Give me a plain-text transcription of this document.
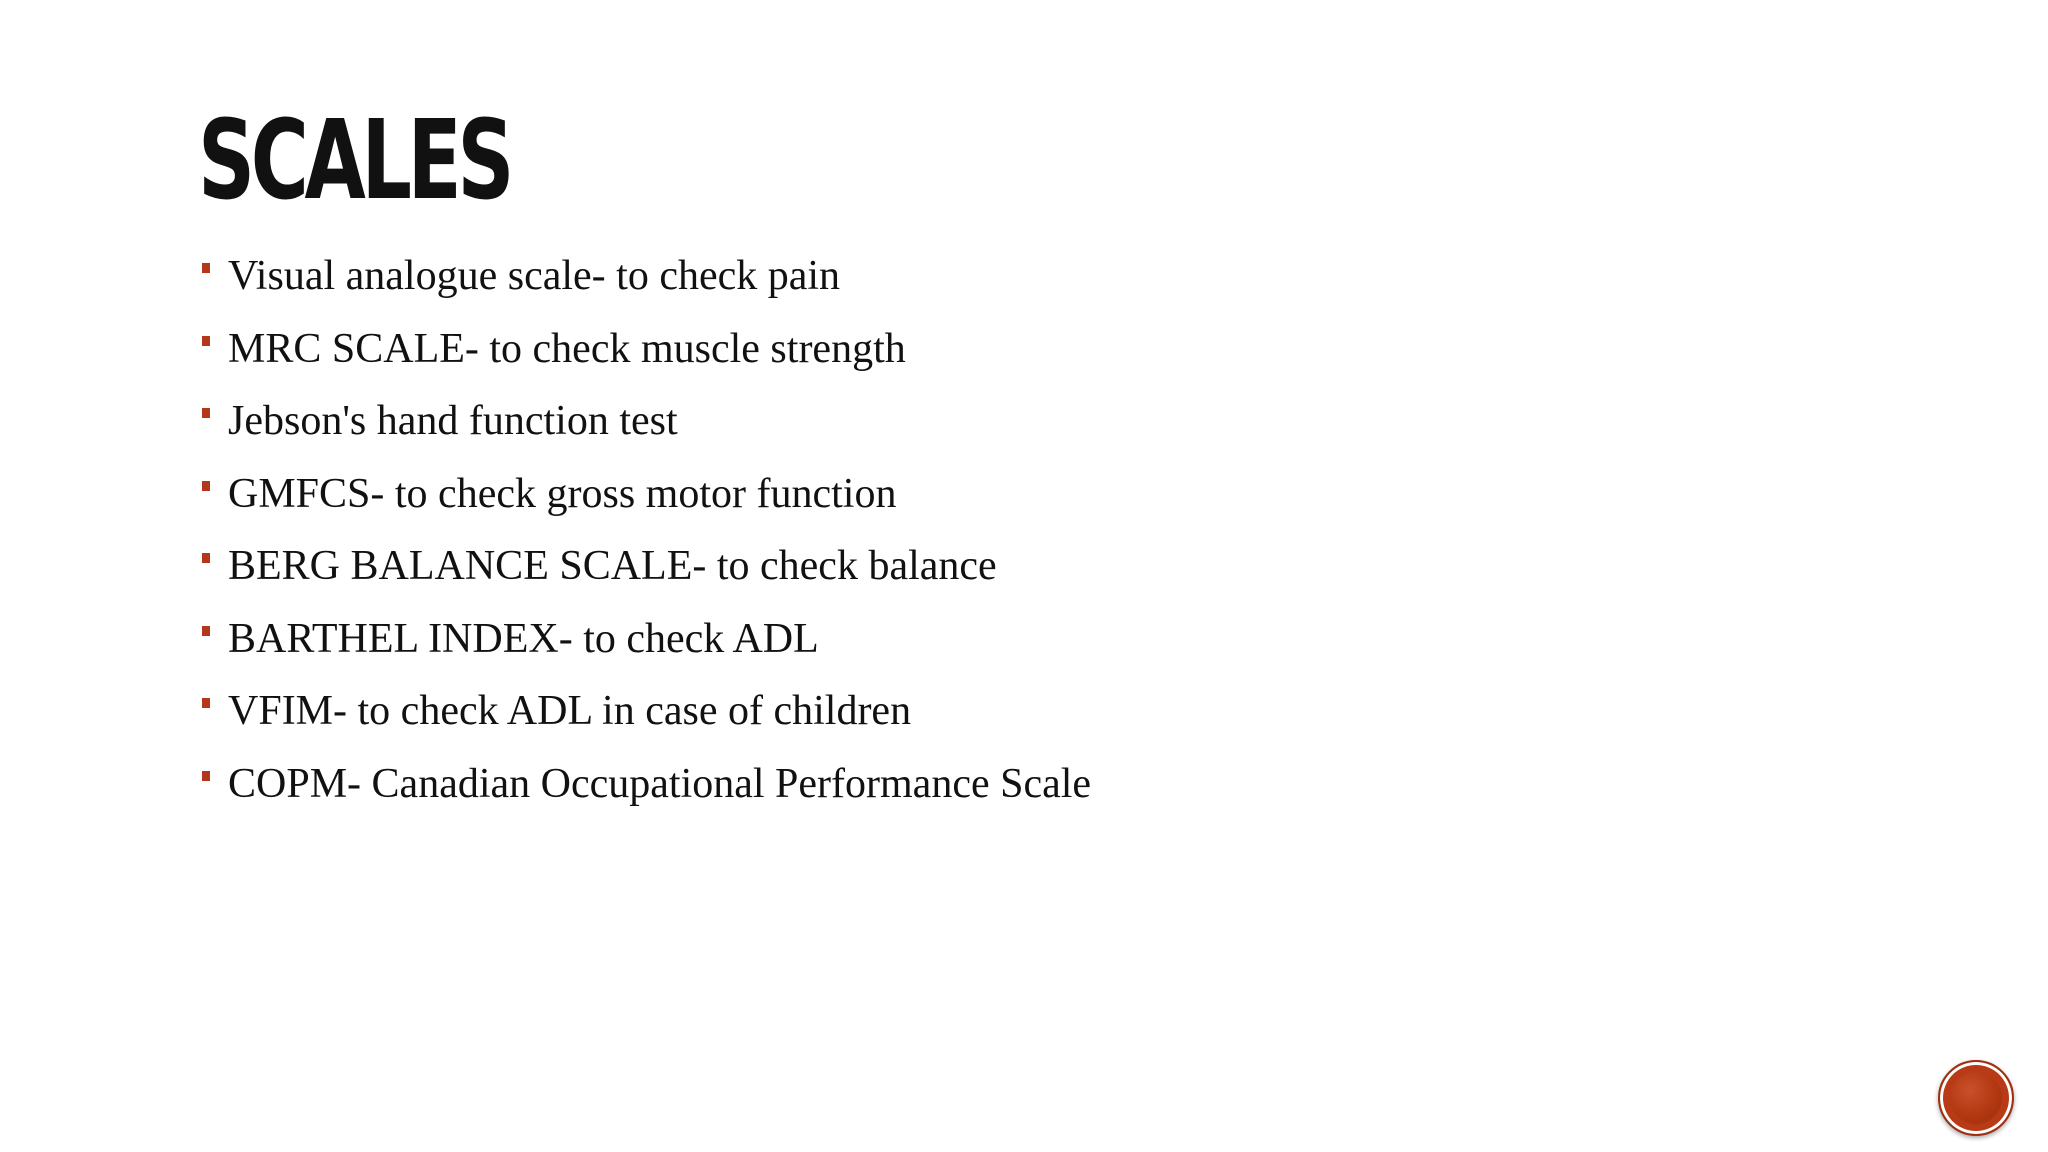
SCALES
Visual analogue scale- to check pain
MRC SCALE- to check muscle strength
Jebson's hand function test
GMFCS- to check gross motor function
BERG BALANCE SCALE- to check balance
BARTHEL INDEX- to check ADL
VFIM- to check ADL in case of children
COPM- Canadian Occupational Performance Scale
